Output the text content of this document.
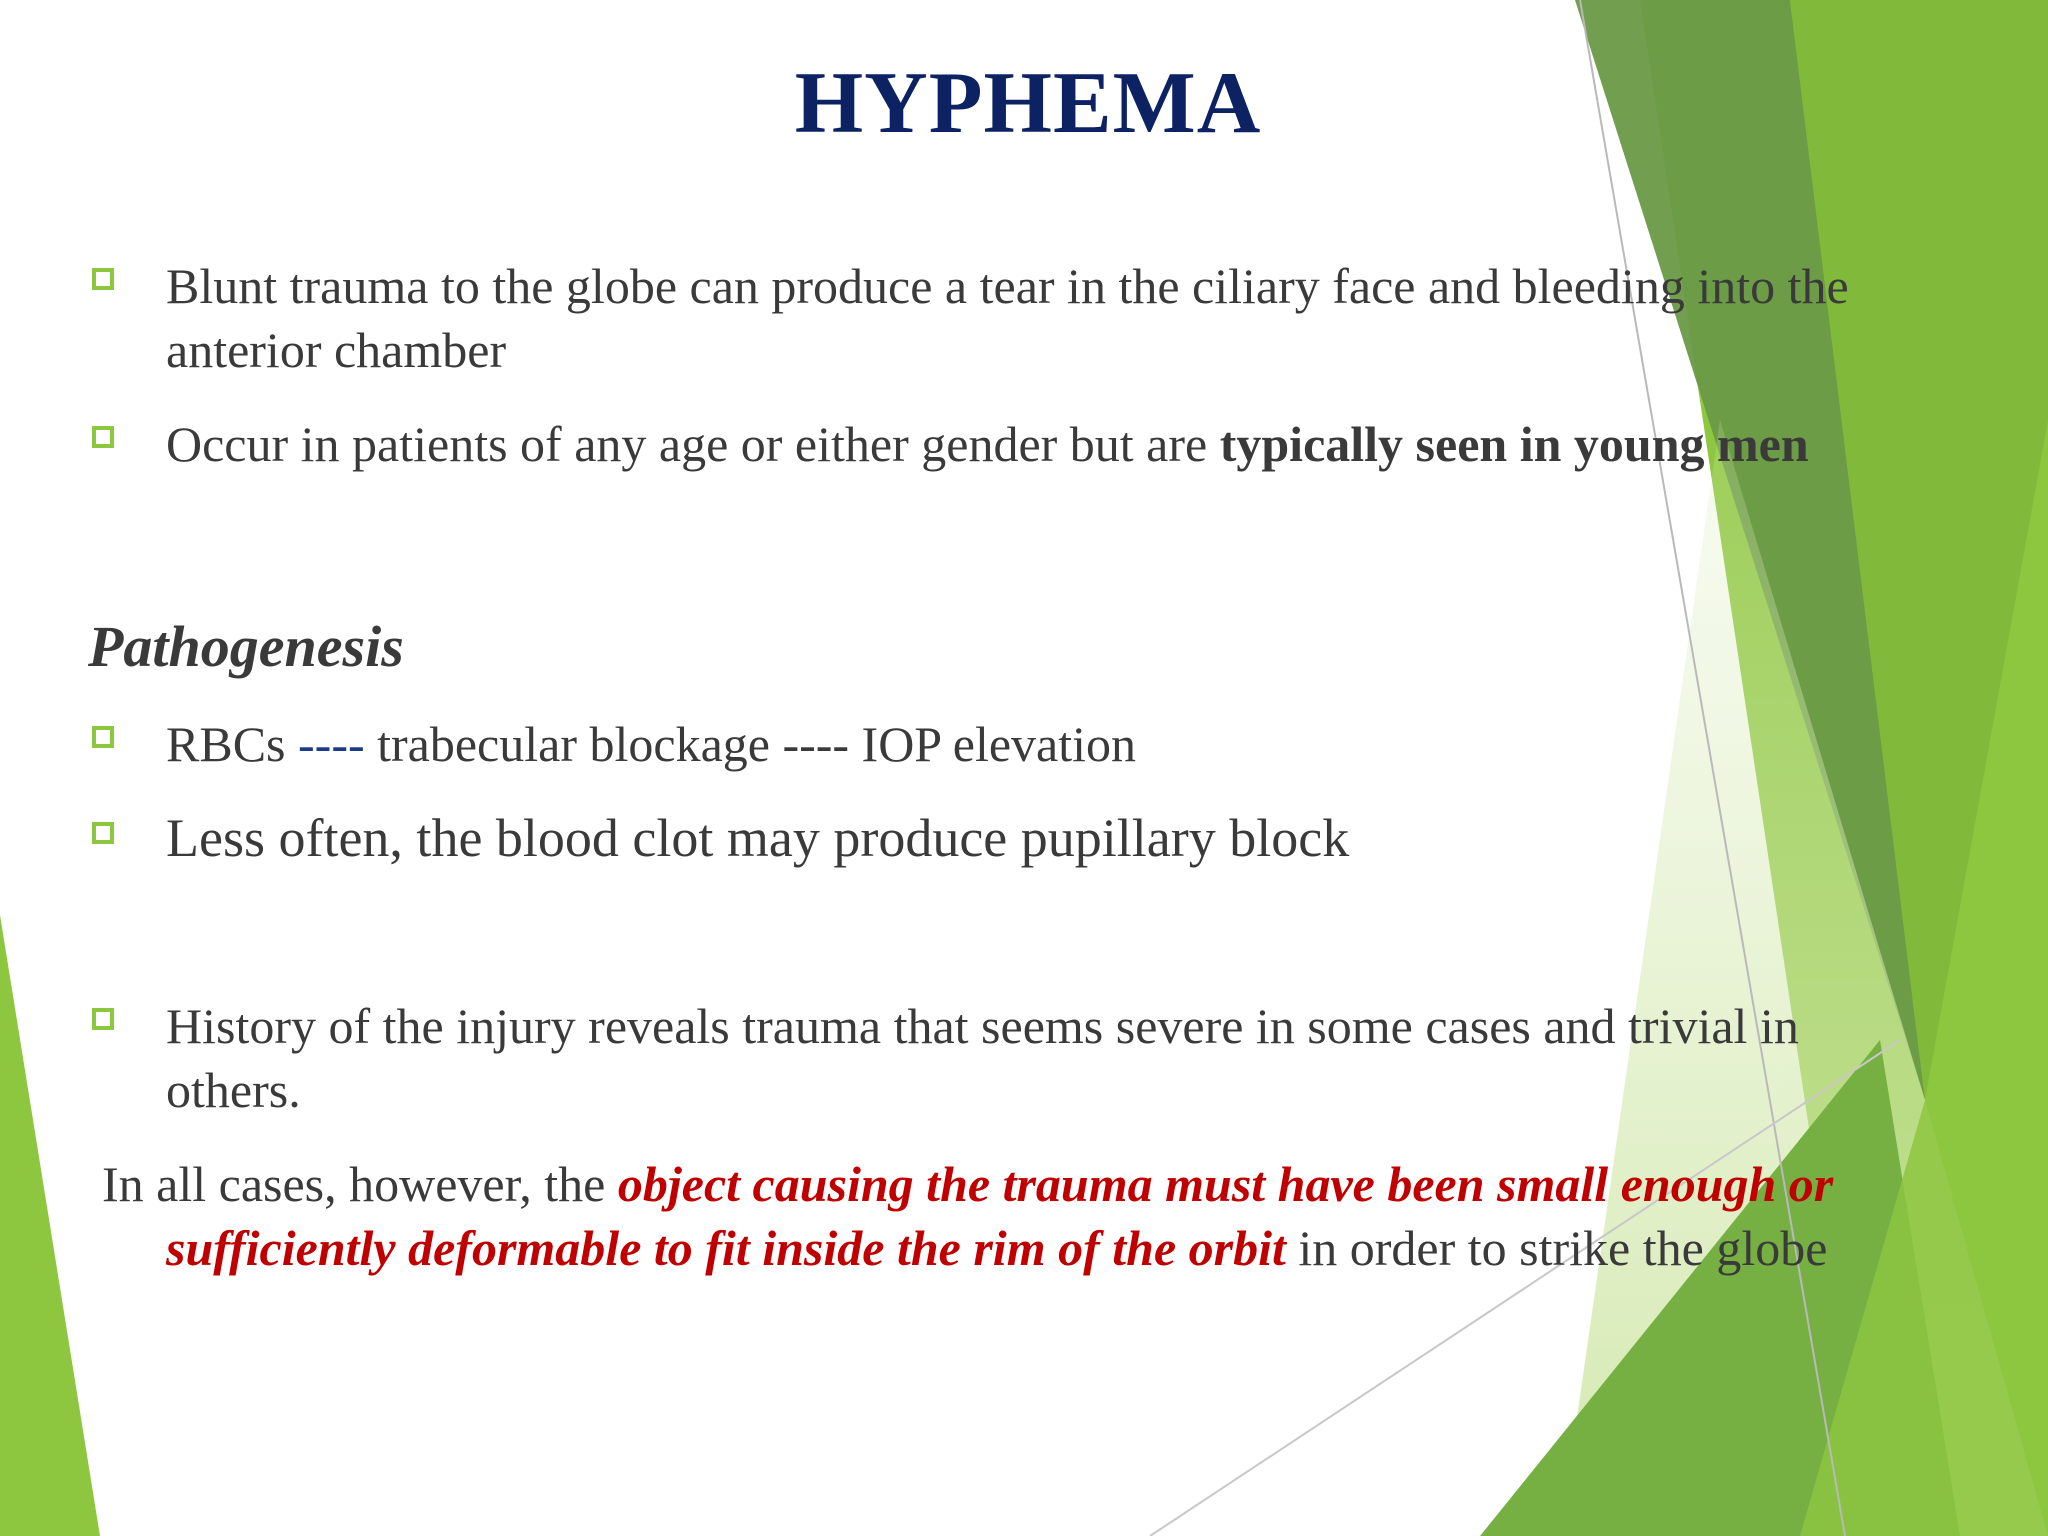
HYPHEMA
Blunt trauma to the globe can produce a tear in the ciliary face and bleeding into the
anterior chamber
Occur in patients of any age or either gender but are typically seen in young men
Pathogenesis
RBCs ---- trabecular blockage ---- IOP elevation
Less often, the blood clot may produce pupillary block
History of the injury reveals trauma that seems severe in some cases and trivial in
others.
In all cases, however, the object causing the trauma must have been small enough or
sufficiently deformable to fit inside the rim of the orbit in order to strike the globe
